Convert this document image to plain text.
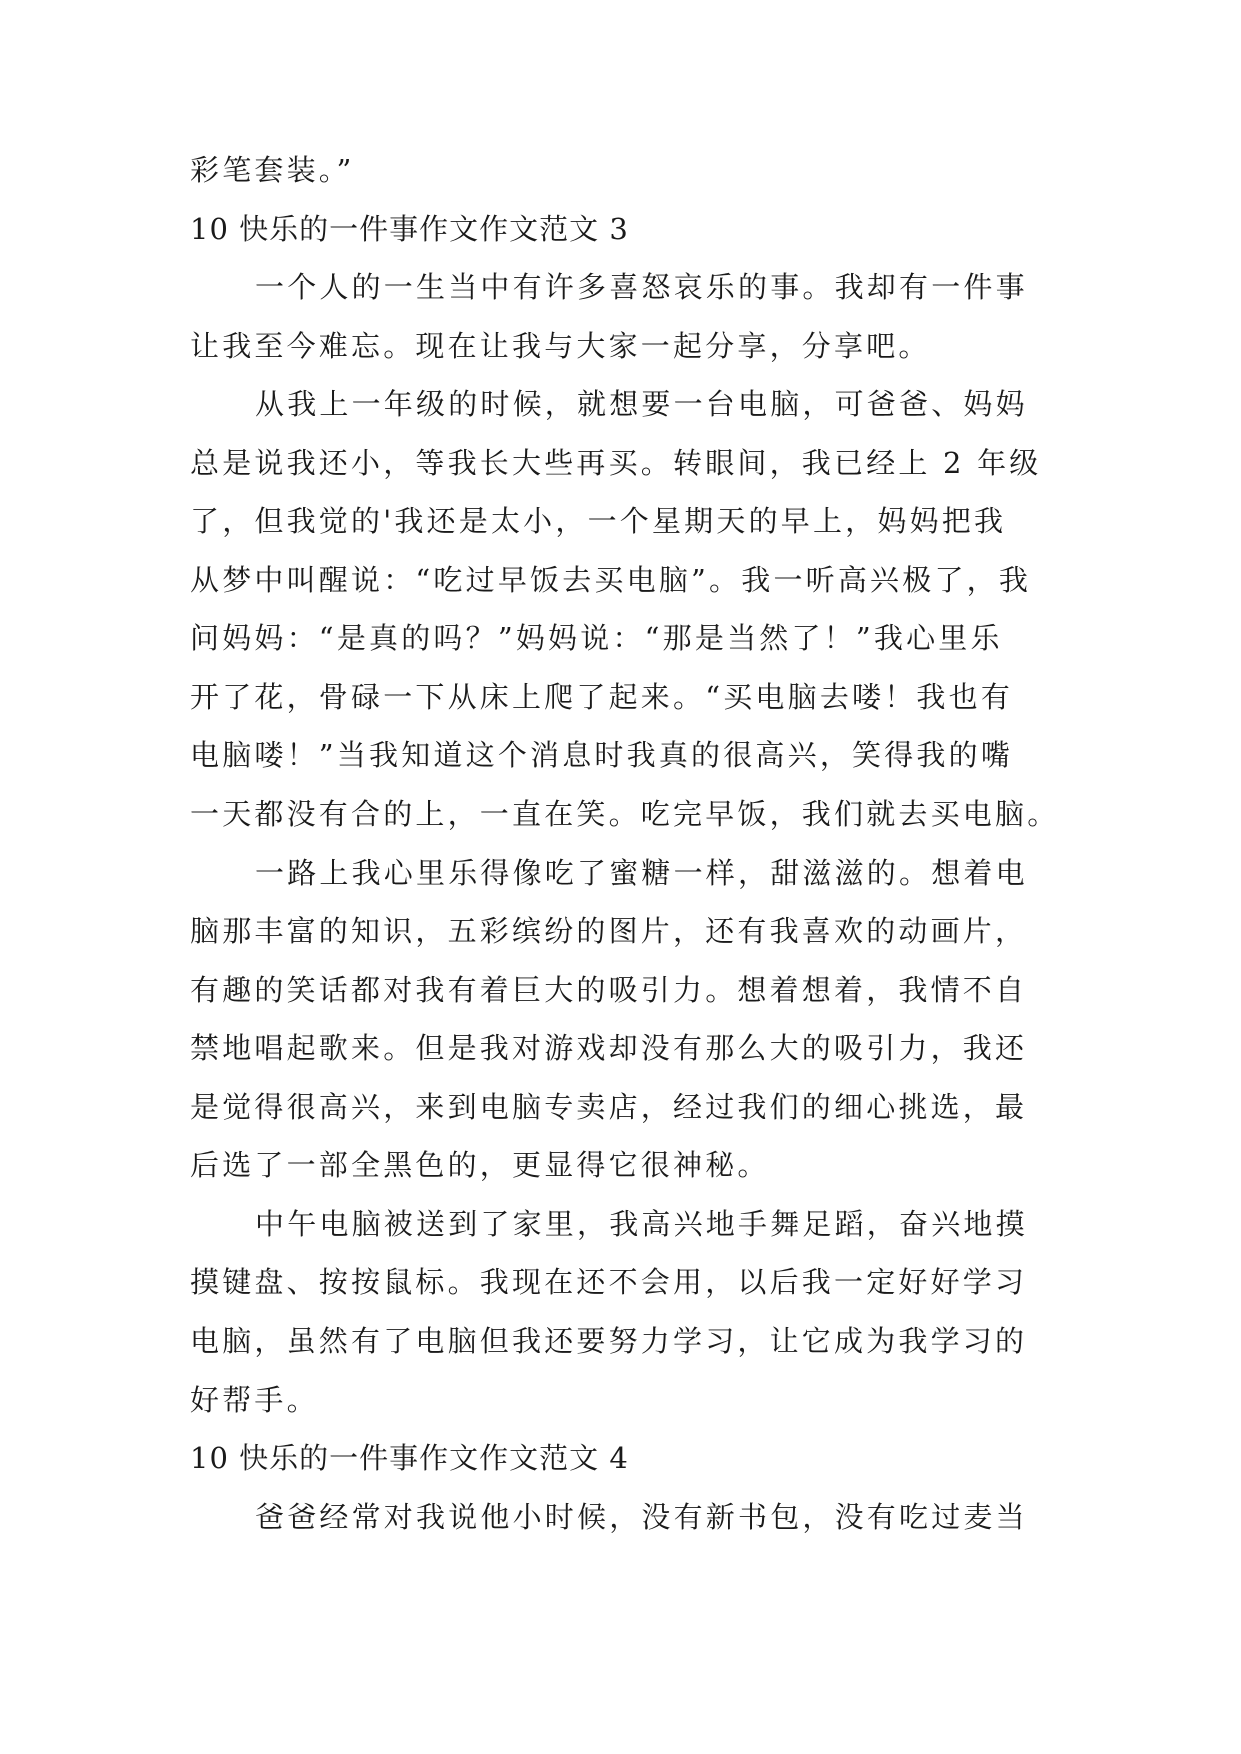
彩笔套装。”
10 快乐的一件事作文作文范文 3
一个人的一生当中有许多喜怒哀乐的事。我却有一件事
让我至今难忘。现在让我与大家一起分享，分享吧。
从我上一年级的时候，就想要一台电脑，可爸爸、妈妈
总是说我还小，等我长大些再买。转眼间，我已经上 2 年级
了，但我觉的'我还是太小，一个星期天的早上，妈妈把我
从梦中叫醒说：“吃过早饭去买电脑”。我一听高兴极了，我
问妈妈：“是真的吗？”妈妈说：“那是当然了！”我心里乐
开了花，骨碌一下从床上爬了起来。“买电脑去喽！我也有
电脑喽！”当我知道这个消息时我真的很高兴，笑得我的嘴
一天都没有合的上，一直在笑。吃完早饭，我们就去买电脑。
一路上我心里乐得像吃了蜜糖一样，甜滋滋的。想着电
脑那丰富的知识，五彩缤纷的图片，还有我喜欢的动画片，
有趣的笑话都对我有着巨大的吸引力。想着想着，我情不自
禁地唱起歌来。但是我对游戏却没有那么大的吸引力，我还
是觉得很高兴，来到电脑专卖店，经过我们的细心挑选，最
后选了一部全黑色的，更显得它很神秘。
中午电脑被送到了家里，我高兴地手舞足蹈，奋兴地摸
摸键盘、按按鼠标。我现在还不会用，以后我一定好好学习
电脑，虽然有了电脑但我还要努力学习，让它成为我学习的
好帮手。
10 快乐的一件事作文作文范文 4
爸爸经常对我说他小时候，没有新书包，没有吃过麦当
